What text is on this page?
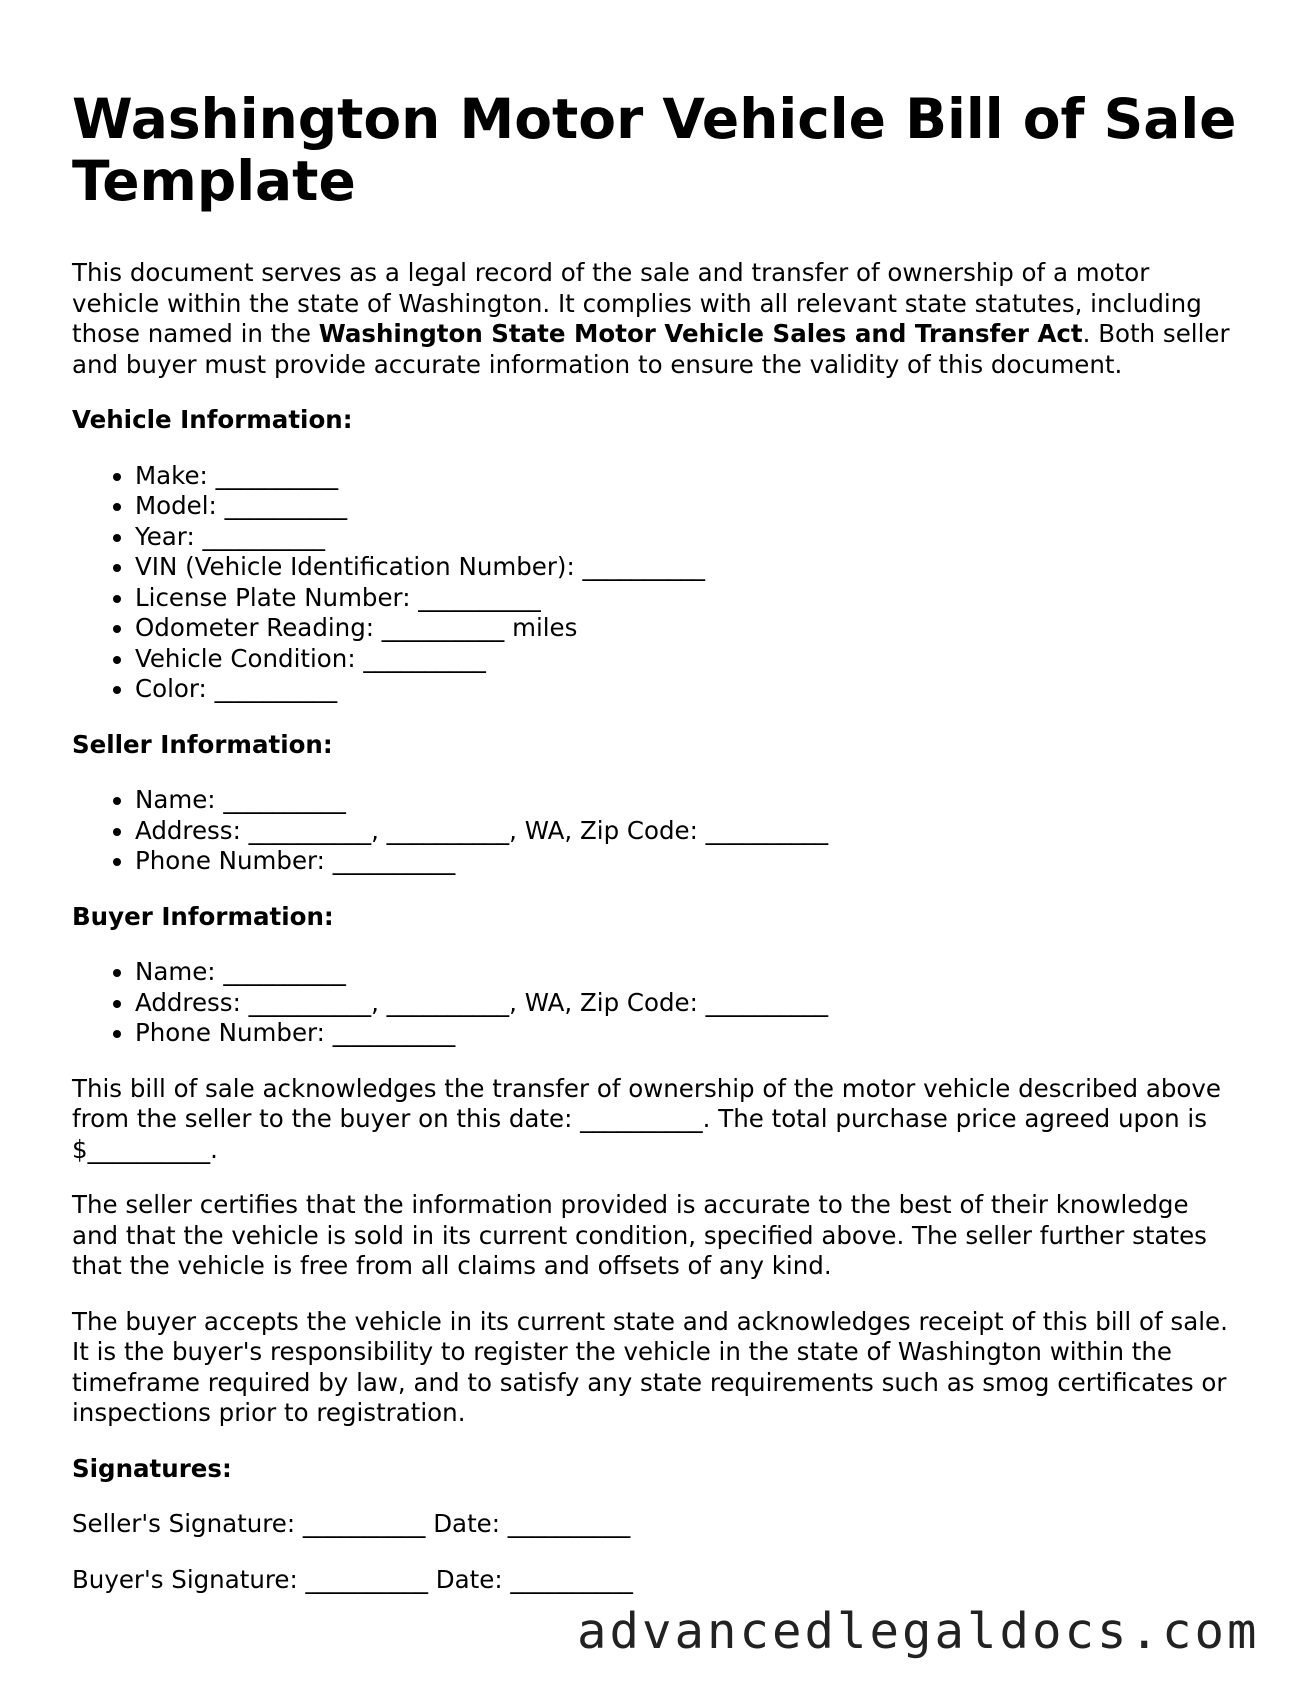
Washington Motor Vehicle Bill of Sale Template

This document serves as a legal record of the sale and transfer of ownership of a motor vehicle within the state of Washington. It complies with all relevant state statutes, including those named in the Washington State Motor Vehicle Sales and Transfer Act. Both seller and buyer must provide accurate information to ensure the validity of this document.

Vehicle Information:
• Make: __________
• Model: __________
• Year: __________
• VIN (Vehicle Identification Number): __________
• License Plate Number: __________
• Odometer Reading: __________ miles
• Vehicle Condition: __________
• Color: __________
Seller Information:
• Name: __________
• Address: __________, __________, WA, Zip Code: __________
• Phone Number: __________
Buyer Information:
• Name: __________
• Address: __________, __________, WA, Zip Code: __________
• Phone Number: __________

This bill of sale acknowledges the transfer of ownership of the motor vehicle described above from the seller to the buyer on this date: __________. The total purchase price agreed upon is $__________.

The seller certifies that the information provided is accurate to the best of their knowledge and that the vehicle is sold in its current condition, specified above. The seller further states that the vehicle is free from all claims and offsets of any kind.

The buyer accepts the vehicle in its current state and acknowledges receipt of this bill of sale. It is the buyer's responsibility to register the vehicle in the state of Washington within the timeframe required by law, and to satisfy any state requirements such as smog certificates or inspections prior to registration.

Signatures:
Seller's Signature: __________ Date: __________
Buyer's Signature: __________ Date: __________
advancedlegaldocs.com
